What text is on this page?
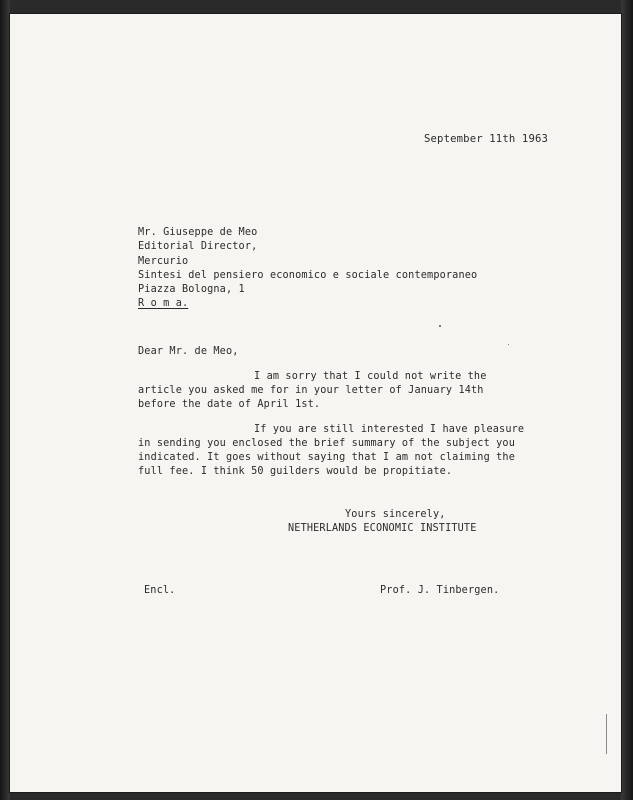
September 11th 1963
Mr. Giuseppe de Meo
Editorial Director,
Mercurio
Sintesi del pensiero economico e sociale contemporaneo
Piazza Bologna, 1
R o m a.
Dear Mr. de Meo,
I am sorry that I could not write the
article you asked me for in your letter of January 14th
before the date of April 1st.
If you are still interested I have pleasure
in sending you enclosed the brief summary of the subject you
indicated. It goes without saying that I am not claiming the
full fee. I think 50 guilders would be propitiate.
Yours sincerely,
NETHERLANDS ECONOMIC INSTITUTE
Encl.	Prof. J. Tinbergen.
